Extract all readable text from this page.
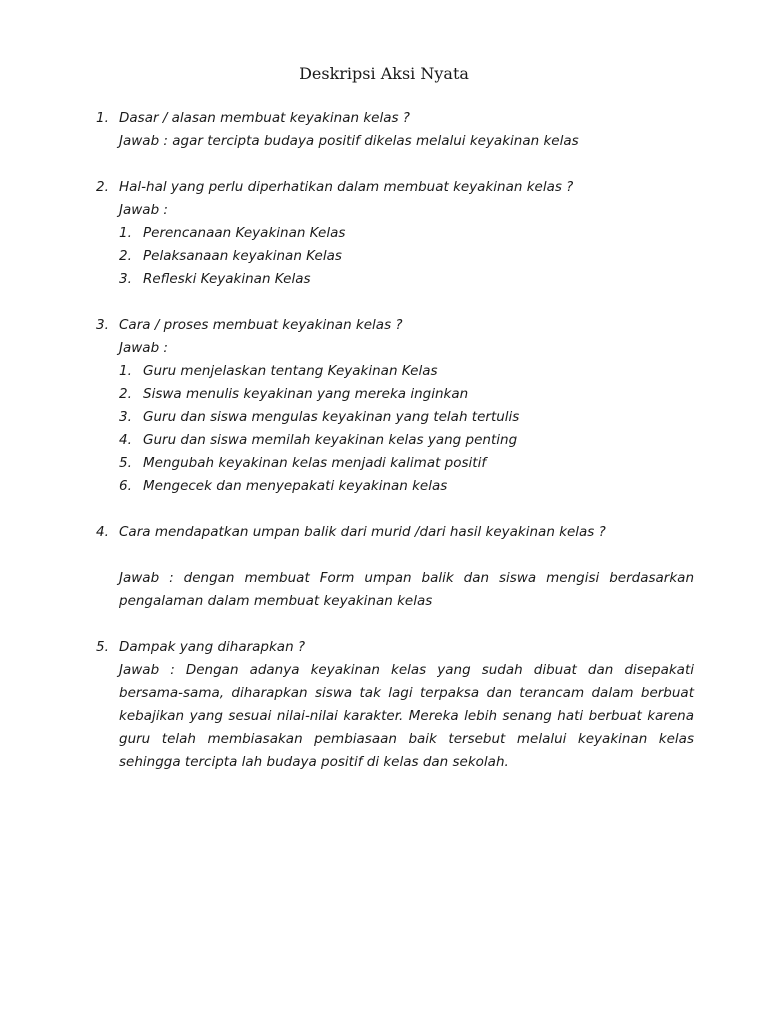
Deskripsi Aksi Nyata
1. Dasar / alasan membuat keyakinan kelas ?
Jawab : agar tercipta budaya positif dikelas melalui keyakinan kelas
2. Hal-hal yang perlu diperhatikan dalam membuat keyakinan kelas ?
Jawab :
1. Perencanaan Keyakinan Kelas
2. Pelaksanaan keyakinan Kelas
3. Refleski Keyakinan Kelas
3. Cara / proses membuat keyakinan kelas ?
Jawab :
1. Guru menjelaskan tentang Keyakinan Kelas
2. Siswa menulis keyakinan yang mereka inginkan
3. Guru dan siswa mengulas keyakinan yang telah tertulis
4. Guru dan siswa memilah keyakinan kelas yang penting
5. Mengubah keyakinan kelas menjadi kalimat positif
6. Mengecek dan menyepakati keyakinan kelas
4. Cara mendapatkan umpan balik dari murid /dari hasil keyakinan kelas ?
Jawab : dengan membuat Form umpan balik dan siswa mengisi berdasarkan pengalaman dalam membuat keyakinan kelas
5. Dampak yang diharapkan ?
Jawab : Dengan adanya keyakinan kelas yang sudah dibuat dan disepakati bersama-sama, diharapkan siswa tak lagi terpaksa dan terancam dalam berbuat kebajikan yang sesuai nilai-nilai karakter. Mereka lebih senang hati berbuat karena guru telah membiasakan pembiasaan baik tersebut melalui keyakinan kelas sehingga tercipta lah budaya positif di kelas dan sekolah.
